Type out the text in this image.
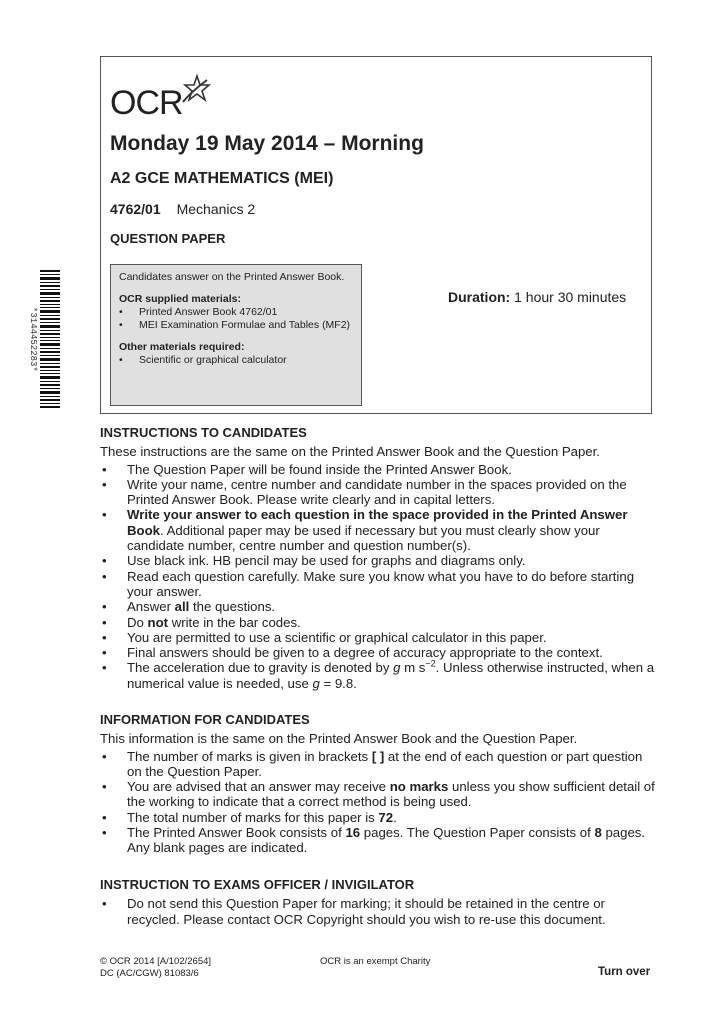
OCR
Monday 19 May 2014 – Morning
A2 GCE MATHEMATICS (MEI)
4762/01 Mechanics 2
QUESTION PAPER
Candidates answer on the Printed Answer Book.
OCR supplied materials:
• Printed Answer Book 4762/01
• MEI Examination Formulae and Tables (MF2)
Other materials required:
• Scientific or graphical calculator
Duration: 1 hour 30 minutes
*3144452283*
INSTRUCTIONS TO CANDIDATES

These instructions are the same on the Printed Answer Book and the Question Paper.

• The Question Paper will be found inside the Printed Answer Book.
• Write your name, centre number and candidate number in the spaces provided on the Printed Answer Book. Please write clearly and in capital letters.
• Write your answer to each question in the space provided in the Printed Answer Book. Additional paper may be used if necessary but you must clearly show your candidate number, centre number and question number(s).
• Use black ink. HB pencil may be used for graphs and diagrams only.
• Read each question carefully. Make sure you know what you have to do before starting your answer.
• Answer all the questions.
• Do not write in the bar codes.
• You are permitted to use a scientific or graphical calculator in this paper.
• Final answers should be given to a degree of accuracy appropriate to the context.
• The acceleration due to gravity is denoted by g m $s^{-2}$. Unless otherwise instructed, when a numerical value is needed, use g = 9.8.
INFORMATION FOR CANDIDATES

This information is the same on the Printed Answer Book and the Question Paper.

• The number of marks is given in brackets [ ] at the end of each question or part question on the Question Paper.
• You are advised that an answer may receive no marks unless you show sufficient detail of the working to indicate that a correct method is being used.
• The total number of marks for this paper is 72.
• The Printed Answer Book consists of 16 pages. The Question Paper consists of 8 pages. Any blank pages are indicated.
INSTRUCTION TO EXAMS OFFICER / INVIGILATOR
• Do not send this Question Paper for marking; it should be retained in the centre or recycled. Please contact OCR Copyright should you wish to re-use this document.
© OCR 2014 [A/102/2654]
DC (AC/CGW) 81083/6
OCR is an exempt Charity
Turn over
